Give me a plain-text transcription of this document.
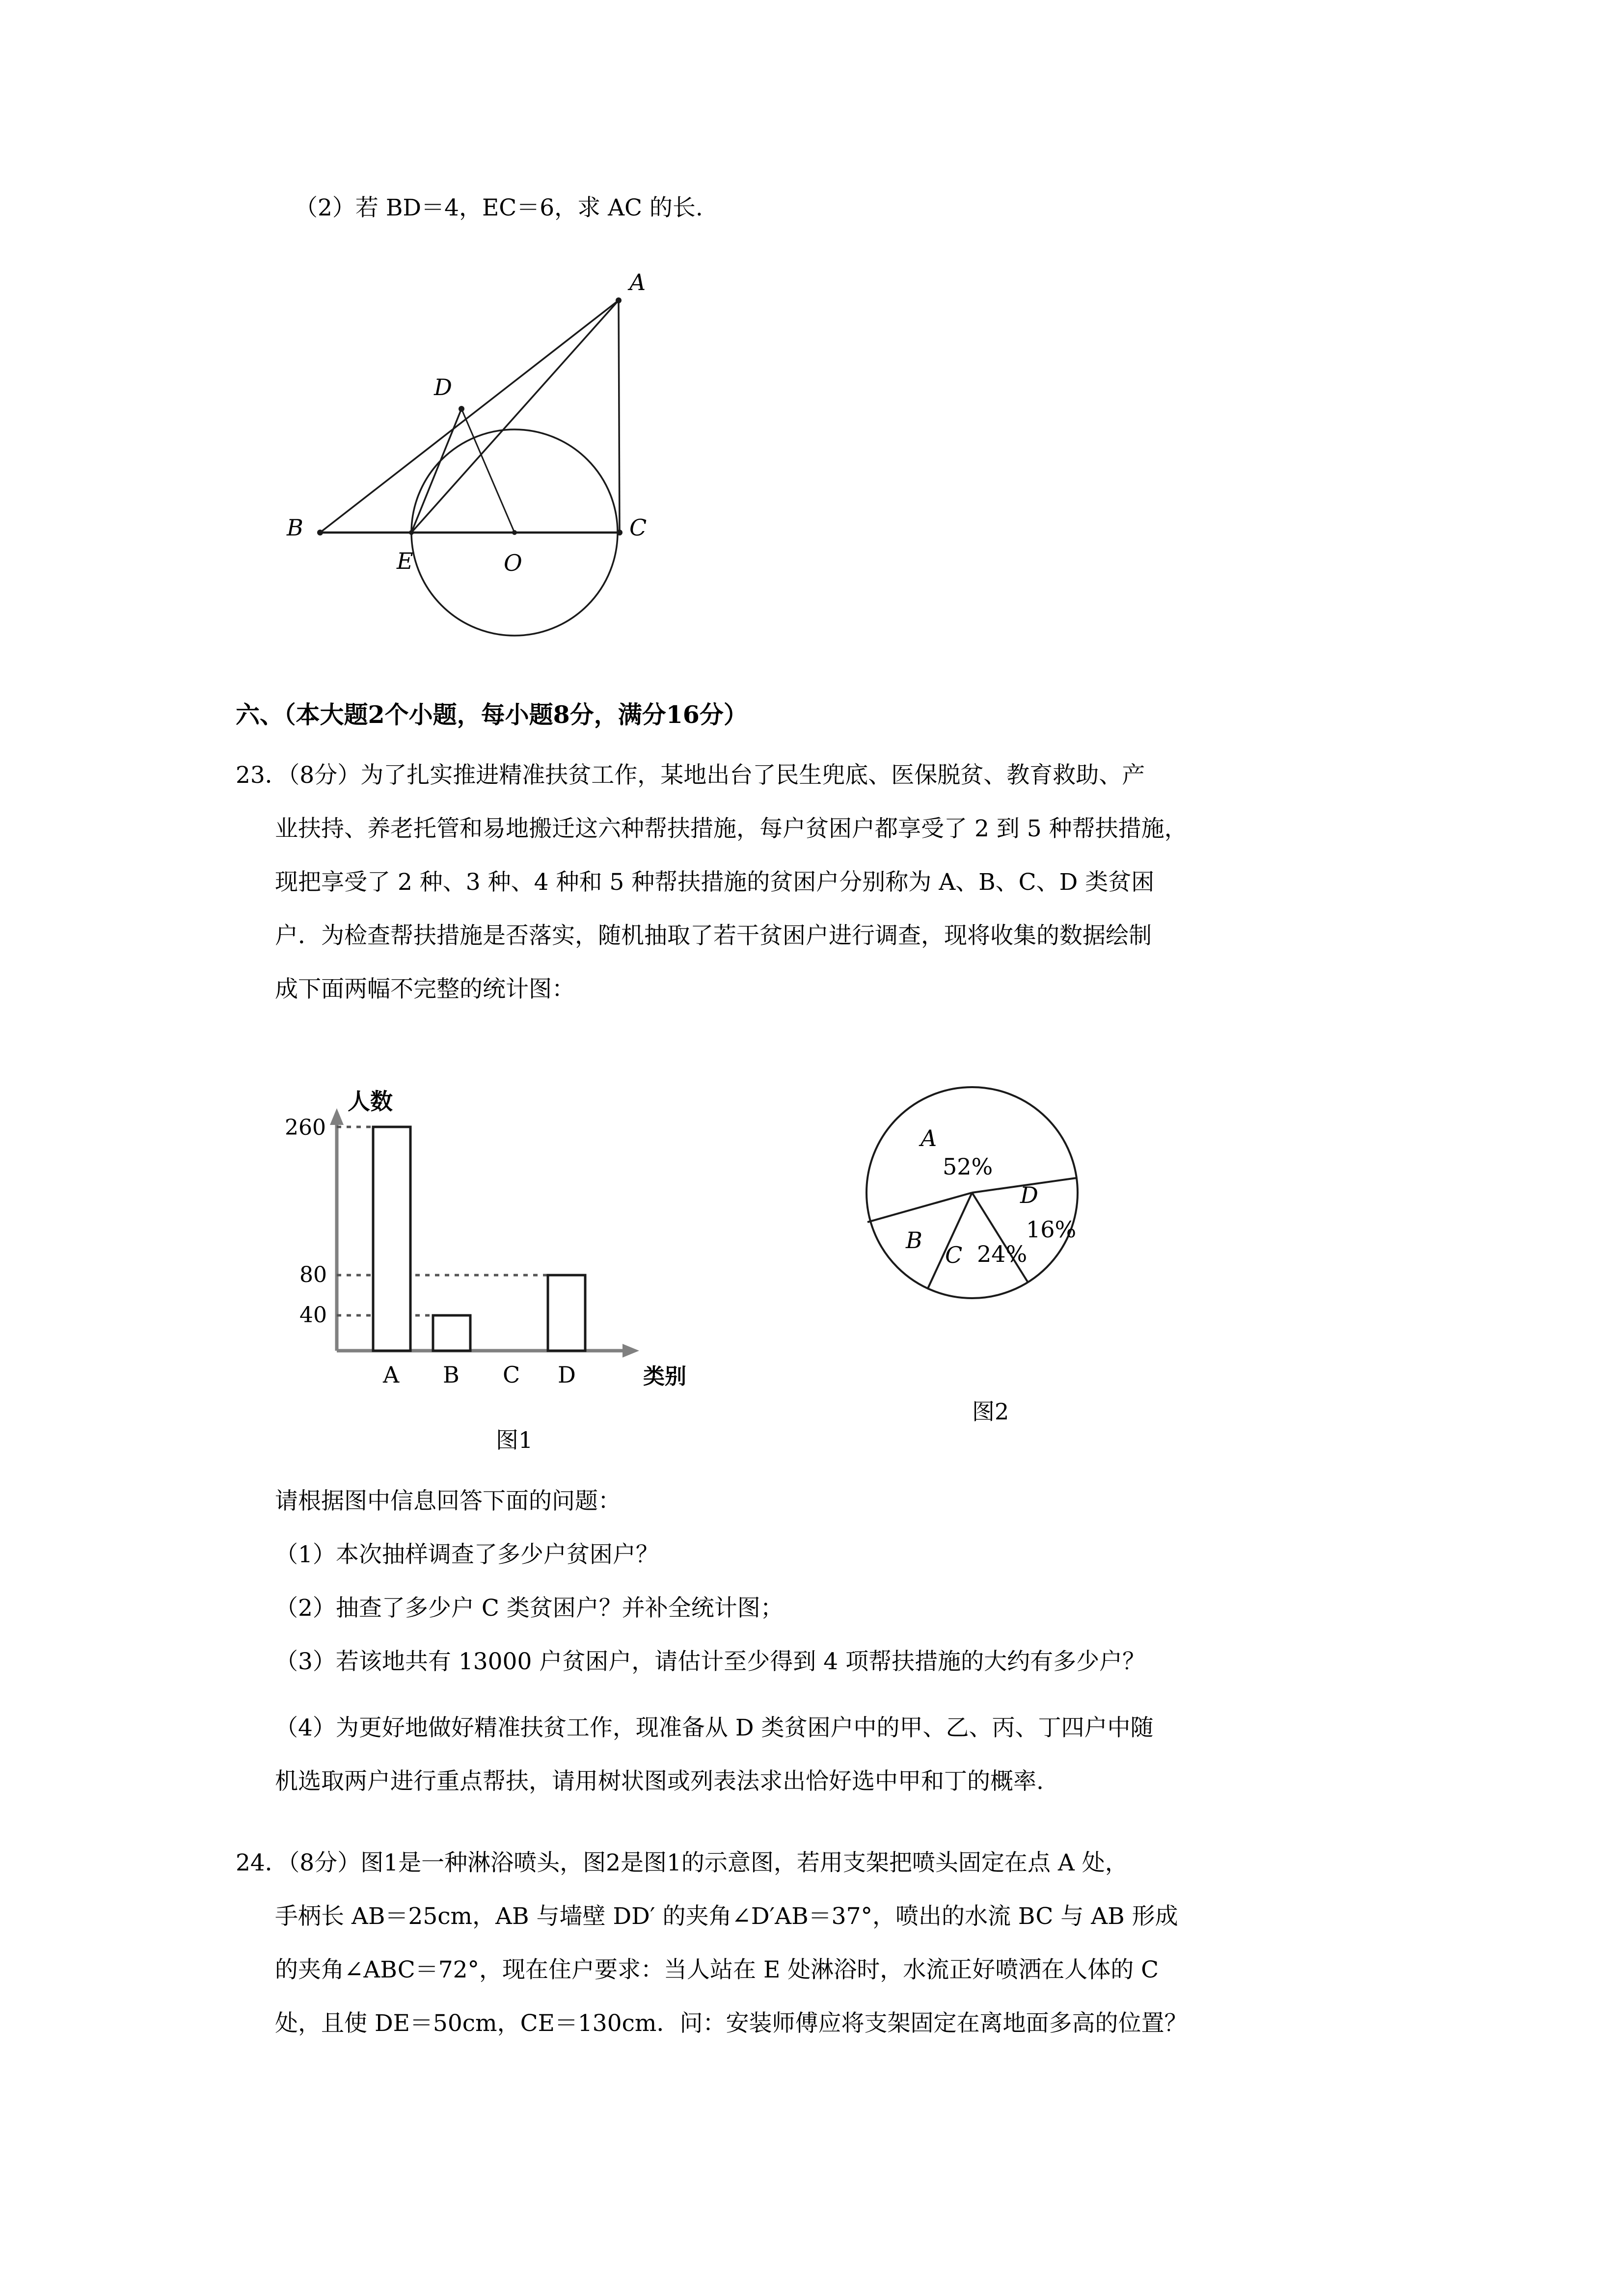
（2）若 BD＝4，EC＝6，求 AC 的长.
A
B	C
D
E	O
六、（本大题2个小题，每小题8分，满分16分）
23．（8分）为了扎实推进精准扶贫工作，某地出台了民生兜底、医保脱贫、教育救助、产
业扶持、养老托管和易地搬迁这六种帮扶措施，每户贫困户都享受了 2 到 5 种帮扶措施，
现把享受了 2 种、3 种、4 种和 5 种帮扶措施的贫困户分别称为 A、B、C、D 类贫困
户．为检查帮扶措施是否落实，随机抽取了若干贫困户进行调查，现将收集的数据绘制
成下面两幅不完整的统计图：
人数
260
80
40
A B C D	类别
图1
A
52%
B
C 24%
D
16%
图2
请根据图中信息回答下面的问题：
（1）本次抽样调查了多少户贫困户？
（2）抽查了多少户 C 类贫困户？并补全统计图；
（3）若该地共有 13000 户贫困户，请估计至少得到 4 项帮扶措施的大约有多少户？
（4）为更好地做好精准扶贫工作，现准备从 D 类贫困户中的甲、乙、丙、丁四户中随
机选取两户进行重点帮扶，请用树状图或列表法求出恰好选中甲和丁的概率.
24．（8分）图1是一种淋浴喷头，图2是图1的示意图，若用支架把喷头固定在点 A 处，
手柄长 AB＝25cm，AB 与墙壁 DD′ 的夹角∠D′AB＝37°，喷出的水流 BC 与 AB 形成
的夹角∠ABC＝72°，现在住户要求：当人站在 E 处淋浴时，水流正好喷洒在人体的 C
处，且使 DE＝50cm，CE＝130cm．问：安装师傅应将支架固定在离地面多高的位置？
